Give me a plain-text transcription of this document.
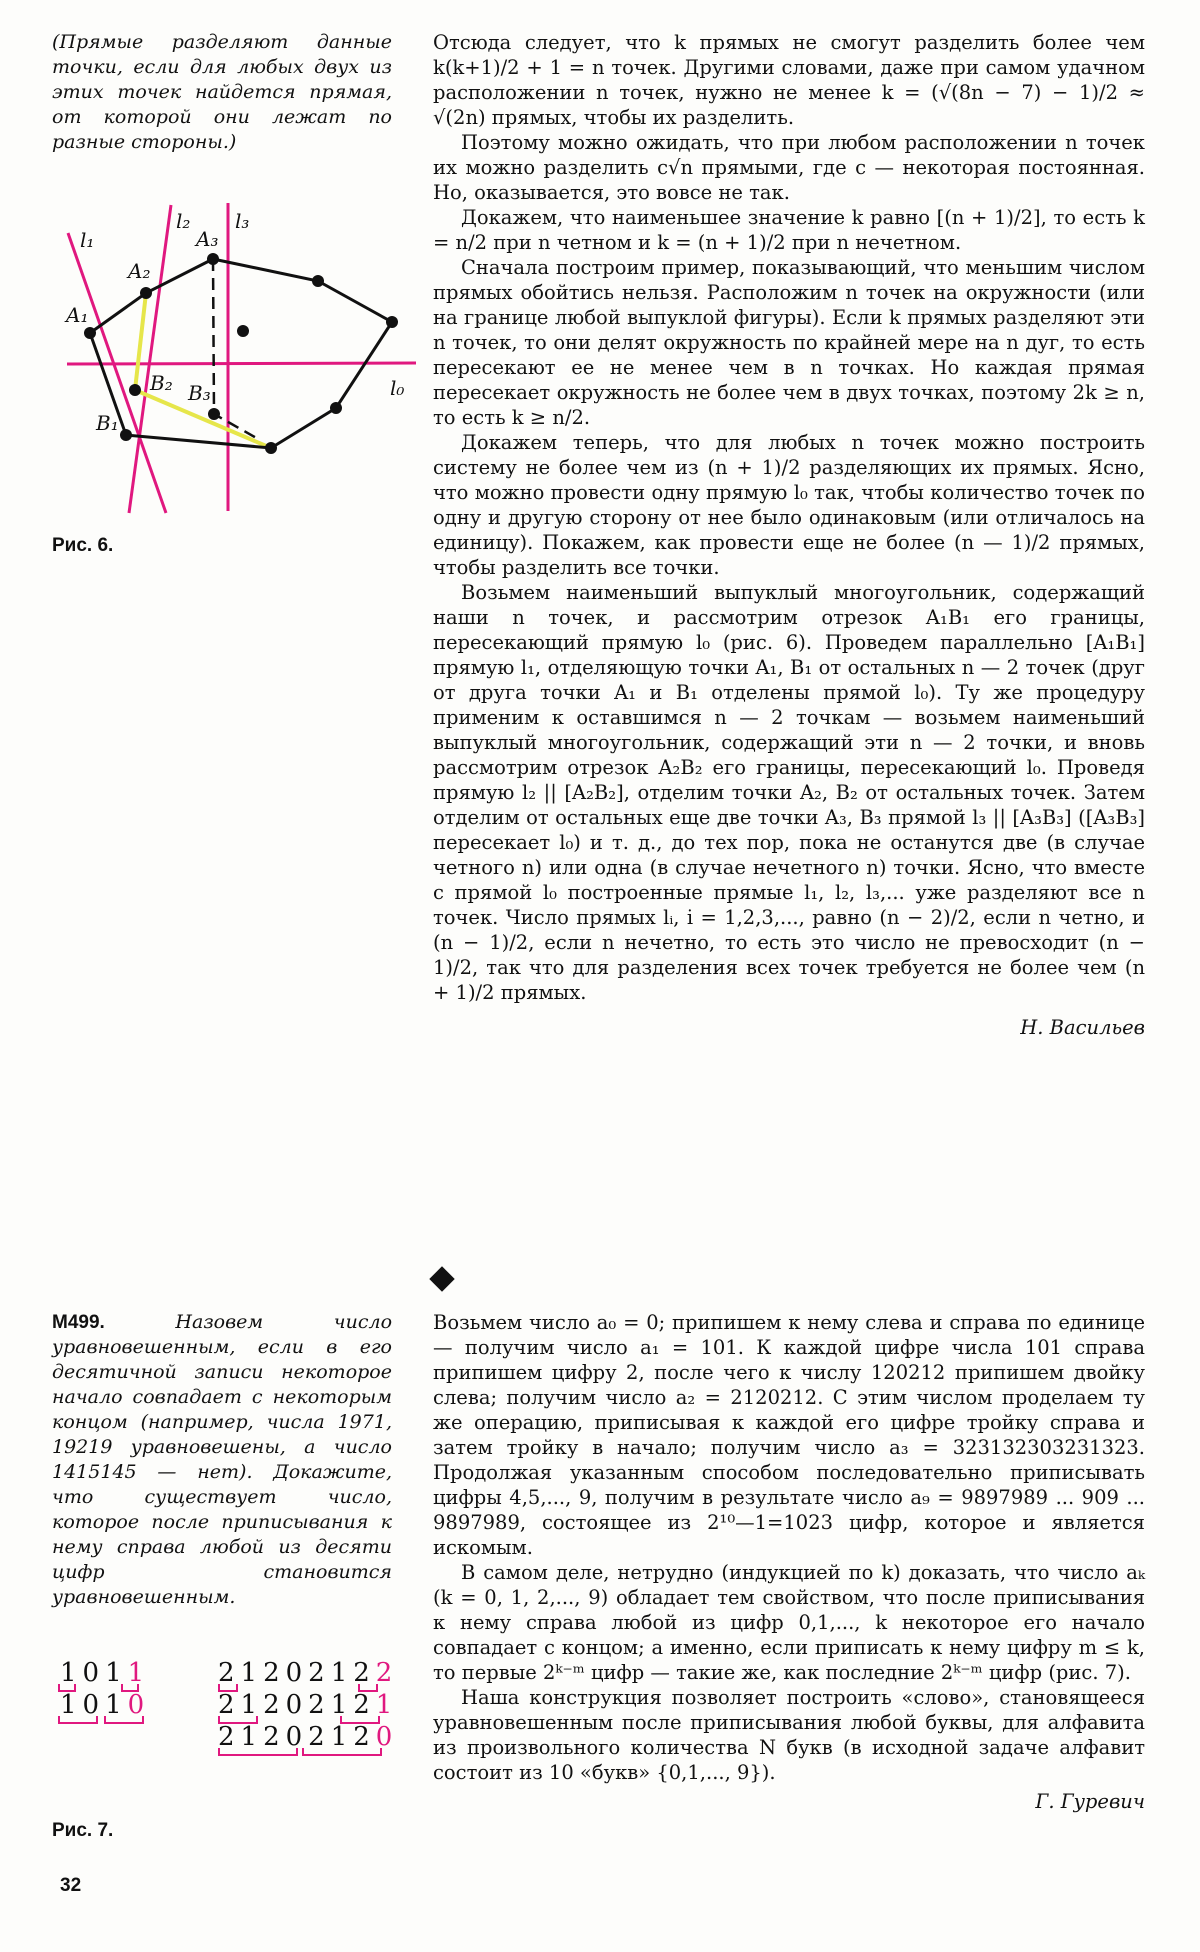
(Прямые разделяют данные точки, если для любых двух из этих точек найдется прямая, от которой они лежат по разные стороны.)
l₁
l₂ l₃
l₀
A₁
A₂
A₃
B₁
B₂ B₃
Рис. 6.

Отсюда следует, что k прямых не смогут разделить более чем k(k+1)/2 + 1 = n точек. Другими словами, даже при самом удачном расположении n точек, нужно не менее k = (√(8n − 7) − 1)/2 ≈ √(2n) прямых, чтобы их разделить.

Поэтому можно ожидать, что при любом расположении n точек их можно разделить c√n прямыми, где c — некоторая постоянная. Но, оказывается, это вовсе не так.

Докажем, что наименьшее значение k равно [(n + 1)/2], то есть k = n/2 при n четном и k = (n + 1)/2 при n нечетном.

Сначала построим пример, показывающий, что меньшим числом прямых обойтись нельзя. Расположим n точек на окружности (или на границе любой выпуклой фигуры). Если k прямых разделяют эти n точек, то они делят окружность по крайней мере на n дуг, то есть пересекают ее не менее чем в n точках. Но каждая прямая пересекает окружность не более чем в двух точках, поэтому 2k ≥ n, то есть k ≥ n/2.

Докажем теперь, что для любых n точек можно построить систему не более чем из (n + 1)/2 разделяющих их прямых. Ясно, что можно провести одну прямую l₀ так, чтобы количество точек по одну и другую сторону от нее было одинаковым (или отличалось на единицу). Покажем, как провести еще не более (n — 1)/2 прямых, чтобы разделить все точки.

Возьмем наименьший выпуклый многоугольник, содержащий наши n точек, и рассмотрим отрезок A₁B₁ его границы, пересекающий прямую l₀ (рис. 6). Проведем параллельно [A₁B₁] прямую l₁, отделяющую точки A₁, B₁ от остальных n — 2 точек (друг от друга точки A₁ и B₁ отделены прямой l₀). Ту же процедуру применим к оставшимся n — 2 точкам — возьмем наименьший выпуклый многоугольник, содержащий эти n — 2 точки, и вновь рассмотрим отрезок A₂B₂ его границы, пересекающий l₀. Проведя прямую l₂ || [A₂B₂], отделим точки A₂, B₂ от остальных точек. Затем отделим от остальных еще две точки A₃, B₃ прямой l₃ || [A₃B₃] ([A₃B₃] пересекает l₀) и т. д., до тех пор, пока не останутся две (в случае четного n) или одна (в случае нечетного n) точки. Ясно, что вместе с прямой l₀ построенные прямые l₁, l₂, l₃,... уже разделяют все n точек. Число прямых lᵢ, i = 1,2,3,..., равно (n − 2)/2, если n четно, и (n − 1)/2, если n нечетно, то есть это число не превосходит (n − 1)/2, так что для разделения всех точек требуется не более чем (n + 1)/2 прямых.

Н. Васильев
М499.	Назовем число уравновешенным, если в его десятичной записи некоторое начало совпадает с некоторым концом (например, числа 1971, 19219 уравновешены, а число 1415145 — нет). Докажите, что существует число, которое после приписывания к нему справа любой из десяти цифр становится уравновешенным.

Возьмем число a₀ = 0; припишем к нему слева и справа по единице — получим число a₁ = 101. К каждой цифре числа 101 справа припишем цифру 2, после чего к числу 120212 припишем двойку слева; получим число a₂ = 2120212. С этим числом проделаем ту же операцию, приписывая к каждой его цифре тройку справа и затем тройку в начало; получим число a₃ = 323132303231323. Продолжая указанным способом последовательно приписывать цифры 4,5,..., 9, получим в результате число a₉ = 9897989 ... 909 ... 9897989, состоящее из 2¹⁰—1=1023 цифр, которое и является искомым.

В самом деле, нетрудно (индукцией по k) доказать, что число aₖ (k = 0, 1, 2,..., 9) обладает тем свойством, что после приписывания к нему справа любой из цифр 0,1,..., k некоторое его начало совпадает с концом; а именно, если приписать к нему цифру m ≤ k, то первые 2ᵏ⁻ᵐ цифр — такие же, как последние 2ᵏ⁻ᵐ цифр (рис. 7).

Наша конструкция позволяет построить «слово», становящееся уравновешенным после приписывания любой буквы, для алфавита из произвольного количества N букв (в исходной задаче алфавит состоит из 10 «букв» {0,1,..., 9}).

Г. Гуревич
1011
1010
21202122
21202121
21202120
Рис. 7.
32
